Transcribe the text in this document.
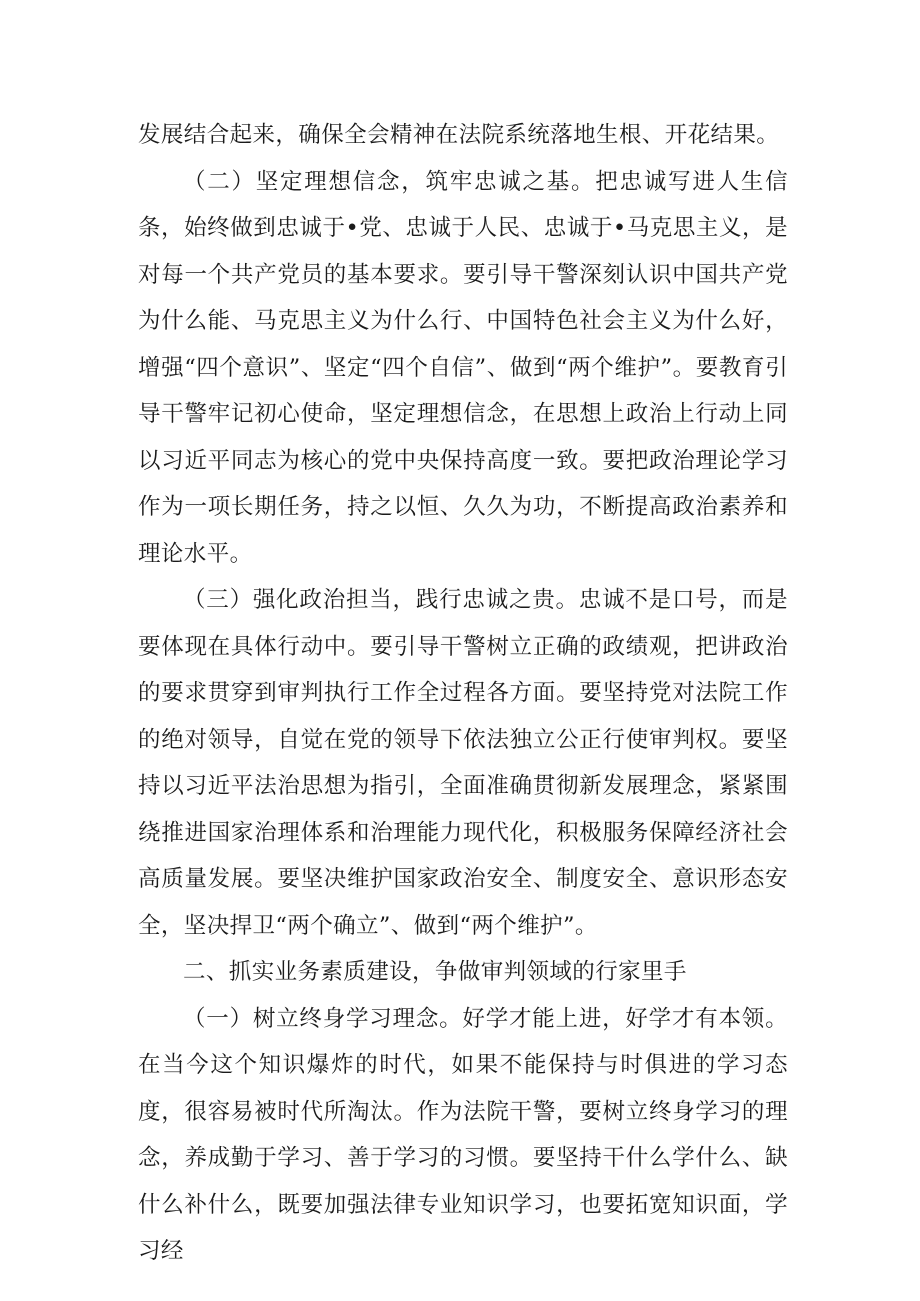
发展结合起来，确保全会精神在法院系统落地生根、开花结果。

（二）坚定理想信念，筑牢忠诚之基。把忠诚写进人生信条，始终做到忠诚于•党、忠诚于人民、忠诚于•马克思主义，是对每一个共产党员的基本要求。要引导干警深刻认识中国共产党为什么能、马克思主义为什么行、中国特色社会主义为什么好，增强“四个意识”、坚定“四个自信”、做到“两个维护”。要教育引导干警牢记初心使命，坚定理想信念，在思想上政治上行动上同以习近平同志为核心的党中央保持高度一致。要把政治理论学习作为一项长期任务，持之以恒、久久为功，不断提高政治素养和理论水平。

（三）强化政治担当，践行忠诚之贵。忠诚不是口号，而是要体现在具体行动中。要引导干警树立正确的政绩观，把讲政治的要求贯穿到审判执行工作全过程各方面。要坚持党对法院工作的绝对领导，自觉在党的领导下依法独立公正行使审判权。要坚持以习近平法治思想为指引，全面准确贯彻新发展理念，紧紧围绕推进国家治理体系和治理能力现代化，积极服务保障经济社会高质量发展。要坚决维护国家政治安全、制度安全、意识形态安全，坚决捍卫“两个确立”、做到“两个维护”。

二、抓实业务素质建设，争做审判领域的行家里手

（一）树立终身学习理念。好学才能上进，好学才有本领。在当今这个知识爆炸的时代，如果不能保持与时俱进的学习态度，很容易被时代所淘汰。作为法院干警，要树立终身学习的理念，养成勤于学习、善于学习的习惯。要坚持干什么学什么、缺什么补什么，既要加强法律专业知识学习，也要拓宽知识面，学习经
